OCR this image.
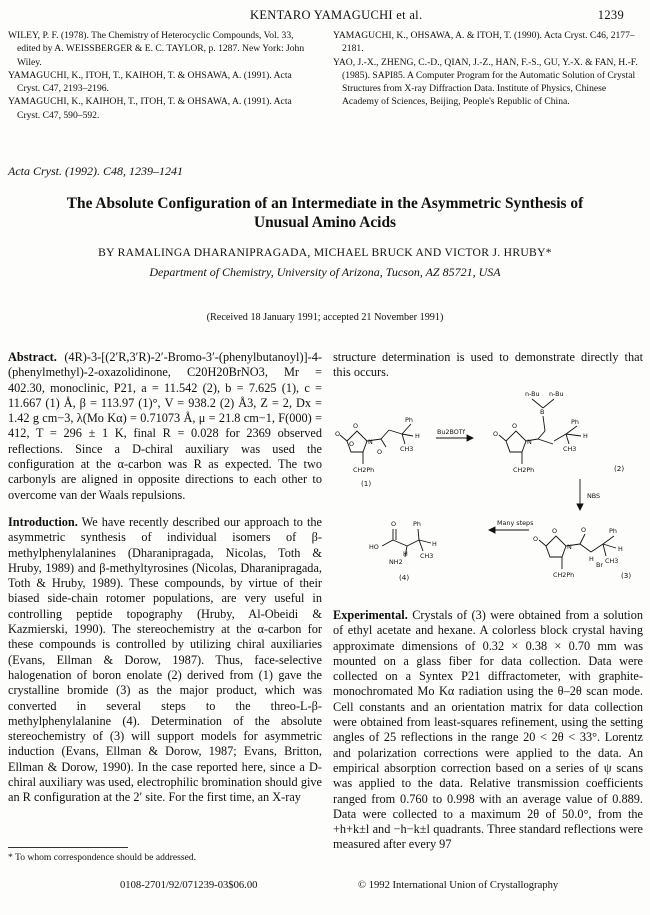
KENTARO YAMAGUCHI et al.	1239
WILEY, P. F. (1978). The Chemistry of Heterocyclic Compounds, Vol. 33, edited by A. WEISSBERGER & E. C. TAYLOR, p. 1287. New York: John Wiley.
YAMAGUCHI, K., ITOH, T., KAIHOH, T. & OHSAWA, A. (1991). Acta Cryst. C47, 2193–2196.
YAMAGUCHI, K., KAIHOH, T., ITOH, T. & OHSAWA, A. (1991). Acta Cryst. C47, 590–592.
YAMAGUCHI, K., OHSAWA, A. & ITOH, T. (1990). Acta Cryst. C46, 2177–2181.
YAO, J.-X., ZHENG, C.-D., QIAN, J.-Z., HAN, F.-S., GU, Y.-X. & FAN, H.-F. (1985). SAPI85. A Computer Program for the Automatic Solution of Crystal Structures from X-ray Diffraction Data. Institute of Physics, Chinese Academy of Sciences, Beijing, People's Republic of China.
Acta Cryst. (1992). C48, 1239–1241
The Absolute Configuration of an Intermediate in the Asymmetric Synthesis of
Unusual Amino Acids
BY RAMALINGA DHARANIPRAGADA, MICHAEL BRUCK AND VICTOR J. HRUBY*
Department of Chemistry, University of Arizona, Tucson, AZ 85721, USA
(Received 18 January 1991; accepted 21 November 1991)

Abstract. (4R)-3-[(2′R,3′R)-2′-Bromo-3′-(phenylbutanoyl)]-4-(phenylmethyl)-2-oxazolidinone, C20H20BrNO3, Mr = 402.30, monoclinic, P21, a = 11.542 (2), b = 7.625 (1), c = 11.667 (1) Å, β = 113.97 (1)°, V = 938.2 (2) Å3, Z = 2, Dx = 1.42 g cm−3, λ(Mo Kα) = 0.71073 Å, μ = 21.8 cm−1, F(000) = 412, T = 296 ± 1 K, final R = 0.028 for 2369 observed reflections. Since a D-chiral auxiliary was used the configuration at the α-carbon was R as expected. The two carbonyls are aligned in opposite directions to each other to overcome van der Waals repulsions.

Introduction. We have recently described our approach to the asymmetric synthesis of individual isomers of β-methylphenylalanines (Dharanipragada, Nicolas, Toth & Hruby, 1989) and β-methyltyrosines (Nicolas, Dharanipragada, Toth & Hruby, 1989). These compounds, by virtue of their biased side-chain rotomer populations, are very useful in controlling peptide topography (Hruby, Al-Obeidi & Kazmierski, 1990). The stereochemistry at the α-carbon for these compounds is controlled by utilizing chiral auxiliaries (Evans, Ellman & Dorow, 1987). Thus, face-selective halogenation of boron enolate (2) derived from (1) gave the crystalline bromide (3) as the major product, which was converted in several steps to the threo-L-β-methylphenylalanine (4). Determination of the absolute stereochemistry of (3) will support models for asymmetric induction (Evans, Ellman & Dorow, 1987; Evans, Britton, Ellman & Dorow, 1990). In the case reported here, since a D-chiral auxiliary was used, electrophilic bromination should give an R configuration at the 2′ site. For the first time, an X-ray

structure determination is used to demonstrate directly that this occurs.

O
O
O N
O
Ph
H
CH3
CH2Ph
(1)
Bu2BOTf
n-Bu n-Bu
B
O
O
N
Ph
H
CH3
CH2Ph	(2)
NBS
O
O
N
O	Ph
H
H
Br CH3
CH2Ph	(3)
Many steps
O
HO
Ph
H
NH2
H CH3
(4)

Experimental. Crystals of (3) were obtained from a solution of ethyl acetate and hexane. A colorless block crystal having approximate dimensions of 0.32 × 0.38 × 0.70 mm was mounted on a glass fiber for data collection. Data were collected on a Syntex P21 diffractometer, with graphite-monochromated Mo Kα radiation using the θ–2θ scan mode. Cell constants and an orientation matrix for data collection were obtained from least-squares refinement, using the setting angles of 25 reflections in the range 20 < 2θ < 33°. Lorentz and polarization corrections were applied to the data. An empirical absorption correction based on a series of ψ scans was applied to the data. Relative transmission coefficients ranged from 0.760 to 0.998 with an average value of 0.889. Data were collected to a maximum 2θ of 50.0°, from the +h+k±l and −h−k±l quadrants. Three standard reflections were measured after every 97

* To whom correspondence should be addressed.
0108-2701/92/071239-03$06.00	© 1992 International Union of Crystallography
